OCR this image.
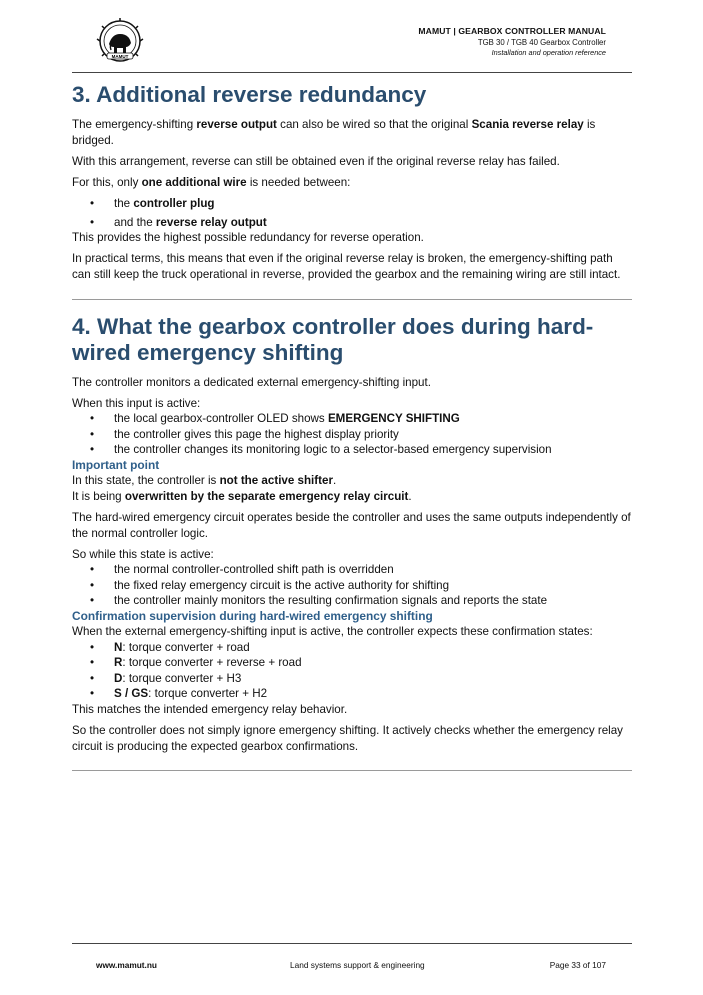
MAMUT
MAMUT | GEARBOX CONTROLLER MANUAL
TGB 30 / TGB 40 Gearbox Controller
Installation and operation reference
3. Additional reverse redundancy

The emergency-shifting reverse output can also be wired so that the original Scania reverse relay is bridged.

With this arrangement, reverse can still be obtained even if the original reverse relay has failed.

For this, only one additional wire is needed between:

• the controller plug
• and the reverse relay output

This provides the highest possible redundancy for reverse operation.

In practical terms, this means that even if the original reverse relay is broken, the emergency-shifting path can still keep the truck operational in reverse, provided the gearbox and the remaining wiring are still intact.

4. What the gearbox controller does during hard-wired emergency shifting

The controller monitors a dedicated external emergency-shifting input.

When this input is active:

• the local gearbox-controller OLED shows EMERGENCY SHIFTING
• the controller gives this page the highest display priority
• the controller changes its monitoring logic to a selector-based emergency supervision
Important point

In this state, the controller is not the active shifter.

It is being overwritten by the separate emergency relay circuit.

The hard-wired emergency circuit operates beside the controller and uses the same outputs independently of the normal controller logic.

So while this state is active:

• the normal controller-controlled shift path is overridden
• the fixed relay emergency circuit is the active authority for shifting
• the controller mainly monitors the resulting confirmation signals and reports the state
Confirmation supervision during hard-wired emergency shifting

When the external emergency-shifting input is active, the controller expects these confirmation states:

• N: torque converter + road
• R: torque converter + reverse + road
• D: torque converter + H3
• S / GS: torque converter + H2

This matches the intended emergency relay behavior.

So the controller does not simply ignore emergency shifting. It actively checks whether the emergency relay circuit is producing the expected gearbox confirmations.

www.mamut.nu	Land systems support & engineering	Page 33 of 107
